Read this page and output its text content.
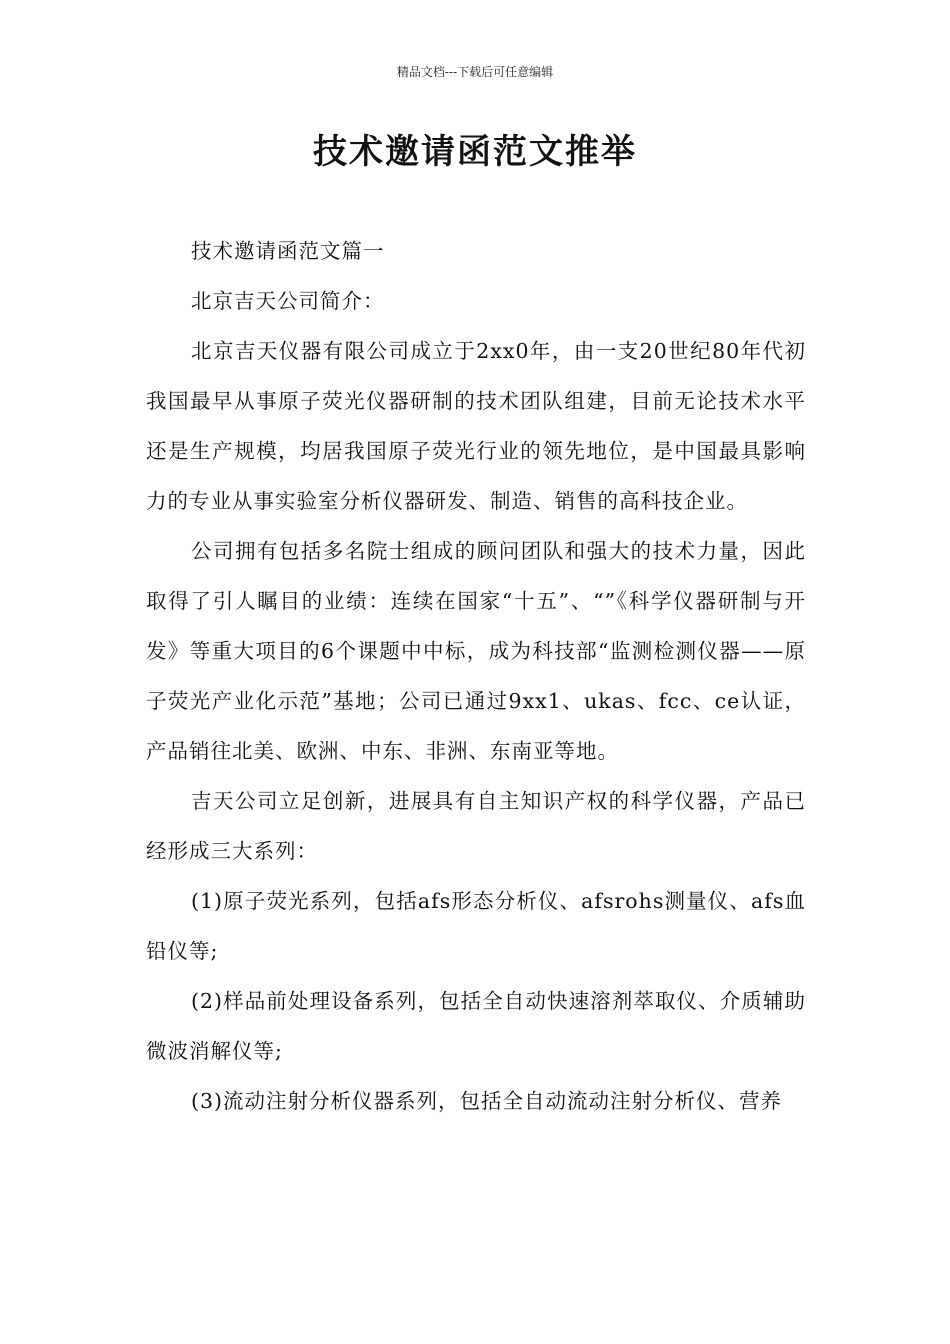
精品文档---下载后可任意编辑
技术邀请函范文推举

技术邀请函范文篇一

北京吉天公司简介：

北京吉天仪器有限公司成立于2xx0年，由一支20世纪80年代初我国最早从事原子荧光仪器研制的技术团队组建，目前无论技术水平还是生产规模，均居我国原子荧光行业的领先地位，是中国最具影响力的专业从事实验室分析仪器研发、制造、销售的高科技企业。

公司拥有包括多名院士组成的顾问团队和强大的技术力量，因此取得了引人瞩目的业绩：连续在国家“十五”、“”《科学仪器研制与开发》等重大项目的6个课题中中标，成为科技部“监测检测仪器——原子荧光产业化示范”基地；公司已通过9xx1、ukas、fcc、ce认证，产品销往北美、欧洲、中东、非洲、东南亚等地。

吉天公司立足创新，进展具有自主知识产权的科学仪器，产品已经形成三大系列：

(1)原子荧光系列，包括afs形态分析仪、afsrohs测量仪、afs血铅仪等;

(2)样品前处理设备系列，包括全自动快速溶剂萃取仪、介质辅助微波消解仪等;

(3)流动注射分析仪器系列，包括全自动流动注射分析仪、营养
